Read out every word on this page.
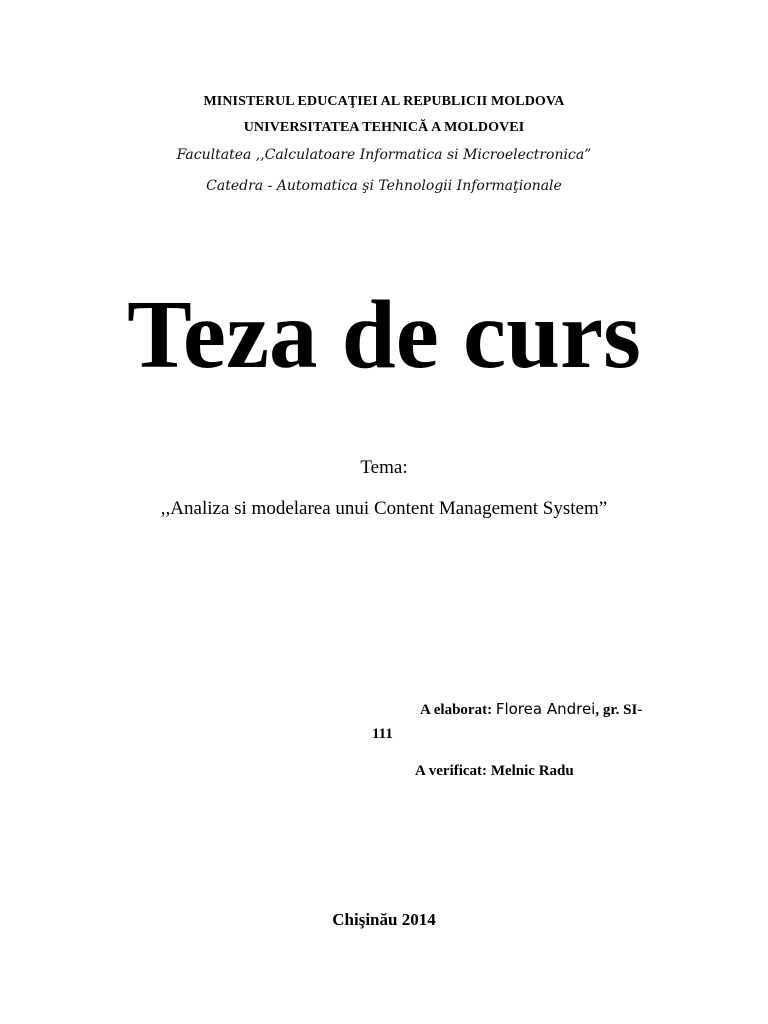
MINISTERUL EDUCAŢIEI AL REPUBLICII MOLDOVA
UNIVERSITATEA TEHNICĂ A MOLDOVEI
Facultatea ,,Calculatoare Informatica si Microelectronica”
Catedra - Automatica şi Tehnologii Informaţionale
Teza de curs
Tema:
,,Analiza si modelarea unui Content Management System”
A elaborat: Florea Andrei, gr. SI-
111
A verificat: Melnic Radu
Chişinău 2014
